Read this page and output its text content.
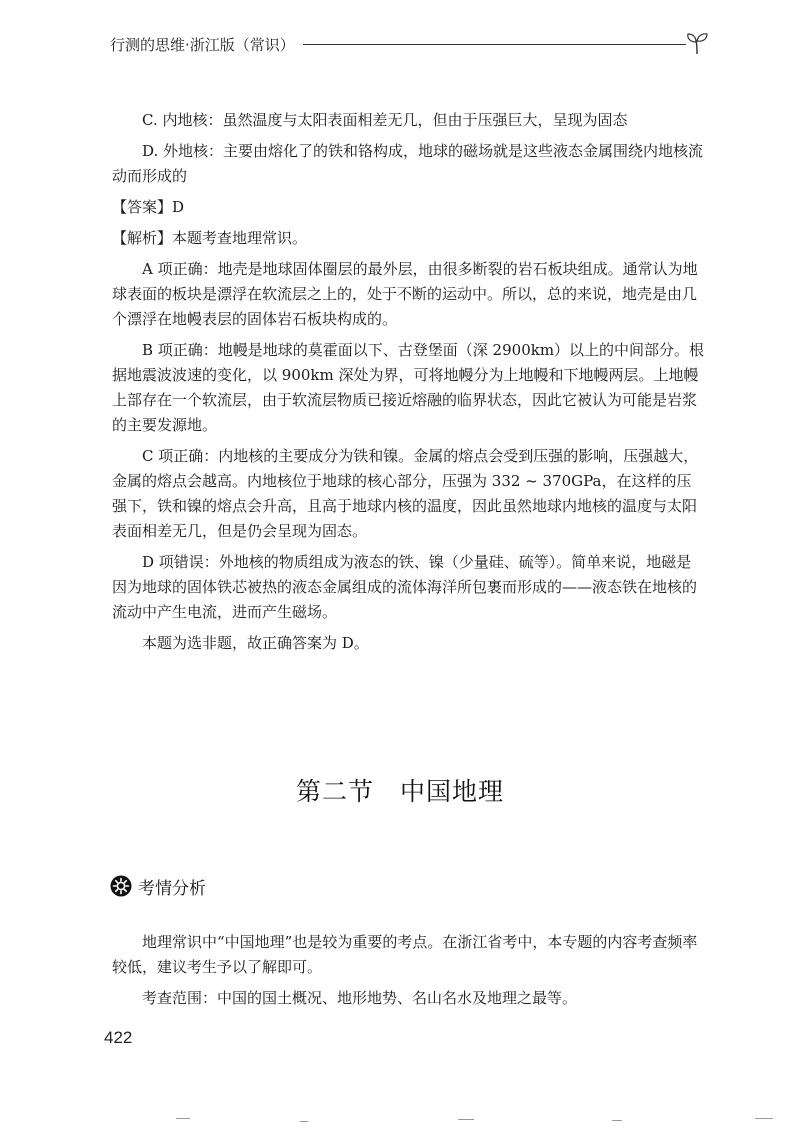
行测的思维·浙江版（常识）

C. 内地核：虽然温度与太阳表面相差无几，但由于压强巨大，呈现为固态

D. 外地核：主要由熔化了的铁和铬构成，地球的磁场就是这些液态金属围绕内地核流动而形成的

【答案】D

【解析】本题考查地理常识。

A 项正确：地壳是地球固体圈层的最外层，由很多断裂的岩石板块组成。通常认为地球表面的板块是漂浮在软流层之上的，处于不断的运动中。所以，总的来说，地壳是由几个漂浮在地幔表层的固体岩石板块构成的。

B 项正确：地幔是地球的莫霍面以下、古登堡面（深 2900km）以上的中间部分。根据地震波波速的变化，以 900km 深处为界，可将地幔分为上地幔和下地幔两层。上地幔上部存在一个软流层，由于软流层物质已接近熔融的临界状态，因此它被认为可能是岩浆的主要发源地。

C 项正确：内地核的主要成分为铁和镍。金属的熔点会受到压强的影响，压强越大，金属的熔点会越高。内地核位于地球的核心部分，压强为 332 ~ 370GPa，在这样的压强下，铁和镍的熔点会升高，且高于地球内核的温度，因此虽然地球内地核的温度与太阳表面相差无几，但是仍会呈现为固态。

D 项错误：外地核的物质组成为液态的铁、镍（少量硅、硫等）。简单来说，地磁是因为地球的固体铁芯被热的液态金属组成的流体海洋所包裹而形成的——液态铁在地核的流动中产生电流，进而产生磁场。

本题为选非题，故正确答案为 D。

第二节　中国地理
考情分析

地理常识中“中国地理”也是较为重要的考点。在浙江省考中，本专题的内容考查频率较低，建议考生予以了解即可。

考查范围：中国的国土概况、地形地势、名山名水及地理之最等。

422
